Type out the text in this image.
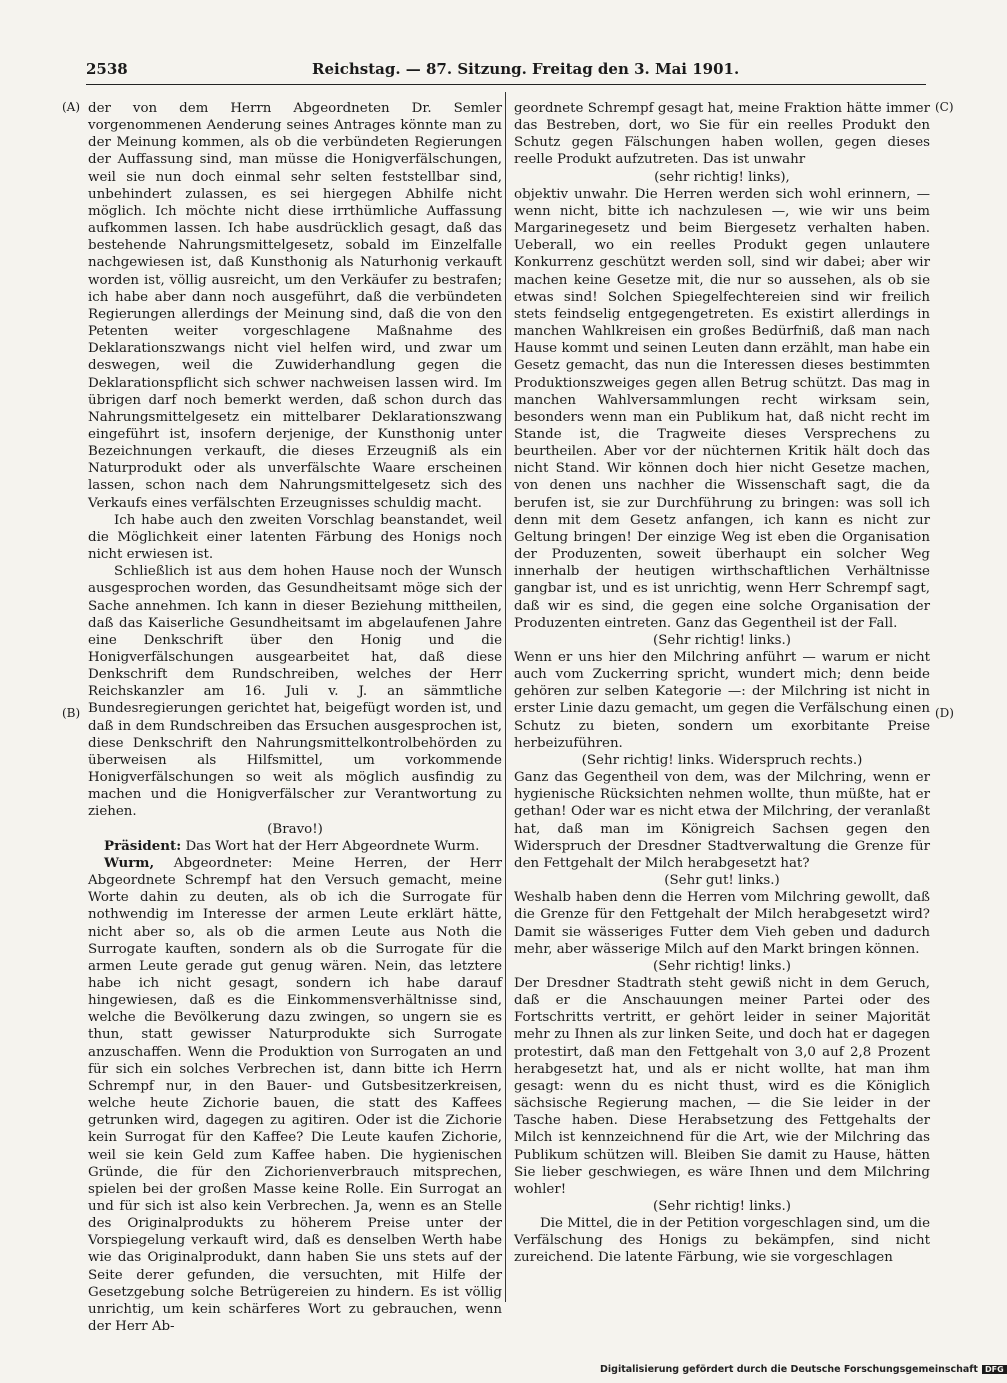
2538	Reichstag. — 87. Sitzung. Freitag den 3. Mai 1901.
(A)
(B)
(C)
(D)

der von dem Herrn Abgeordneten Dr. Semler vorgenommenen Aenderung seines Antrages könnte man zu der Meinung kommen, als ob die verbündeten Regierungen der Auffassung sind, man müsse die Honigverfälschungen, weil sie nun doch einmal sehr selten feststellbar sind, unbehindert zulassen, es sei hiergegen Abhilfe nicht möglich. Ich möchte nicht diese irrthümliche Auffassung aufkommen lassen. Ich habe ausdrücklich gesagt, daß das bestehende Nahrungsmittelgesetz, sobald im Einzelfalle nachgewiesen ist, daß Kunsthonig als Naturhonig verkauft worden ist, völlig ausreicht, um den Verkäufer zu bestrafen; ich habe aber dann noch ausgeführt, daß die verbündeten Regierungen allerdings der Meinung sind, daß die von den Petenten weiter vorgeschlagene Maßnahme des Deklarationszwangs nicht viel helfen wird, und zwar um deswegen, weil die Zuwiderhandlung gegen die Deklarationspflicht sich schwer nachweisen lassen wird. Im übrigen darf noch bemerkt werden, daß schon durch das Nahrungsmittelgesetz ein mittelbarer Deklarationszwang eingeführt ist, insofern derjenige, der Kunsthonig unter Bezeichnungen verkauft, die dieses Erzeugniß als ein Naturprodukt oder als unverfälschte Waare erscheinen lassen, schon nach dem Nahrungsmittelgesetz sich des Verkaufs eines verfälschten Erzeugnisses schuldig macht.

Ich habe auch den zweiten Vorschlag beanstandet, weil die Möglichkeit einer latenten Färbung des Honigs noch nicht erwiesen ist.

Schließlich ist aus dem hohen Hause noch der Wunsch ausgesprochen worden, das Gesundheitsamt möge sich der Sache annehmen. Ich kann in dieser Beziehung mittheilen, daß das Kaiserliche Gesundheitsamt im abgelaufenen Jahre eine Denkschrift über den Honig und die Honigverfälschungen ausgearbeitet hat, daß diese Denkschrift dem Rundschreiben, welches der Herr Reichskanzler am 16. Juli v. J. an sämmtliche Bundesregierungen gerichtet hat, beigefügt worden ist, und daß in dem Rundschreiben das Ersuchen ausgesprochen ist, diese Denkschrift den Nahrungsmittelkontrolbehörden zu überweisen als Hilfsmittel, um vorkommende Honigverfälschungen so weit als möglich ausfindig zu machen und die Honigverfälscher zur Verantwortung zu ziehen.

(Bravo!)

Präsident: Das Wort hat der Herr Abgeordnete Wurm.

Wurm, Abgeordneter: Meine Herren, der Herr Abgeordnete Schrempf hat den Versuch gemacht, meine Worte dahin zu deuten, als ob ich die Surrogate für nothwendig im Interesse der armen Leute erklärt hätte, nicht aber so, als ob die armen Leute aus Noth die Surrogate kauften, sondern als ob die Surrogate für die armen Leute gerade gut genug wären. Nein, das letztere habe ich nicht gesagt, sondern ich habe darauf hingewiesen, daß es die Einkommensverhältnisse sind, welche die Bevölkerung dazu zwingen, so ungern sie es thun, statt gewisser Naturprodukte sich Surrogate anzuschaffen. Wenn die Produktion von Surrogaten an und für sich ein solches Verbrechen ist, dann bitte ich Herrn Schrempf nur, in den Bauer- und Gutsbesitzerkreisen, welche heute Zichorie bauen, die statt des Kaffees getrunken wird, dagegen zu agitiren. Oder ist die Zichorie kein Surrogat für den Kaffee? Die Leute kaufen Zichorie, weil sie kein Geld zum Kaffee haben. Die hygienischen Gründe, die für den Zichorienverbrauch mitsprechen, spielen bei der großen Masse keine Rolle. Ein Surrogat an und für sich ist also kein Verbrechen. Ja, wenn es an Stelle des Originalprodukts zu höherem Preise unter der Vorspiegelung verkauft wird, daß es denselben Werth habe wie das Originalprodukt, dann haben Sie uns stets auf der Seite derer gefunden, die versuchten, mit Hilfe der Gesetzgebung solche Betrügereien zu hindern. Es ist völlig unrichtig, um kein schärferes Wort zu gebrauchen, wenn der Herr Ab-

geordnete Schrempf gesagt hat, meine Fraktion hätte immer das Bestreben, dort, wo Sie für ein reelles Produkt den Schutz gegen Fälschungen haben wollen, gegen dieses reelle Produkt aufzutreten. Das ist unwahr

(sehr richtig! links),

objektiv unwahr. Die Herren werden sich wohl erinnern, — wenn nicht, bitte ich nachzulesen —, wie wir uns beim Margarinegesetz und beim Biergesetz verhalten haben. Ueberall, wo ein reelles Produkt gegen unlautere Konkurrenz geschützt werden soll, sind wir dabei; aber wir machen keine Gesetze mit, die nur so aussehen, als ob sie etwas sind! Solchen Spiegelfechtereien sind wir freilich stets feindselig entgegengetreten. Es existirt allerdings in manchen Wahlkreisen ein großes Bedürfniß, daß man nach Hause kommt und seinen Leuten dann erzählt, man habe ein Gesetz gemacht, das nun die Interessen dieses bestimmten Produktionszweiges gegen allen Betrug schützt. Das mag in manchen Wahlversammlungen recht wirksam sein, besonders wenn man ein Publikum hat, daß nicht recht im Stande ist, die Tragweite dieses Versprechens zu beurtheilen. Aber vor der nüchternen Kritik hält doch das nicht Stand. Wir können doch hier nicht Gesetze machen, von denen uns nachher die Wissenschaft sagt, die da berufen ist, sie zur Durchführung zu bringen: was soll ich denn mit dem Gesetz anfangen, ich kann es nicht zur Geltung bringen! Der einzige Weg ist eben die Organisation der Produzenten, soweit überhaupt ein solcher Weg innerhalb der heutigen wirthschaftlichen Verhältnisse gangbar ist, und es ist unrichtig, wenn Herr Schrempf sagt, daß wir es sind, die gegen eine solche Organisation der Produzenten eintreten. Ganz das Gegentheil ist der Fall.

(Sehr richtig! links.)

Wenn er uns hier den Milchring anführt — warum er nicht auch vom Zuckerring spricht, wundert mich; denn beide gehören zur selben Kategorie —: der Milchring ist nicht in erster Linie dazu gemacht, um gegen die Verfälschung einen Schutz zu bieten, sondern um exorbitante Preise herbeizuführen.

(Sehr richtig! links. Widerspruch rechts.)

Ganz das Gegentheil von dem, was der Milchring, wenn er hygienische Rücksichten nehmen wollte, thun müßte, hat er gethan! Oder war es nicht etwa der Milchring, der veranlaßt hat, daß man im Königreich Sachsen gegen den Widerspruch der Dresdner Stadtverwaltung die Grenze für den Fettgehalt der Milch herabgesetzt hat?

(Sehr gut! links.)

Weshalb haben denn die Herren vom Milchring gewollt, daß die Grenze für den Fettgehalt der Milch herabgesetzt wird? Damit sie wässeriges Futter dem Vieh geben und dadurch mehr, aber wässerige Milch auf den Markt bringen können.

(Sehr richtig! links.)

Der Dresdner Stadtrath steht gewiß nicht in dem Geruch, daß er die Anschauungen meiner Partei oder des Fortschritts vertritt, er gehört leider in seiner Majorität mehr zu Ihnen als zur linken Seite, und doch hat er dagegen protestirt, daß man den Fettgehalt von 3,0 auf 2,8 Prozent herabgesetzt hat, und als er nicht wollte, hat man ihm gesagt: wenn du es nicht thust, wird es die Königlich sächsische Regierung machen, — die Sie leider in der Tasche haben. Diese Herabsetzung des Fettgehalts der Milch ist kennzeichnend für die Art, wie der Milchring das Publikum schützen will. Bleiben Sie damit zu Hause, hätten Sie lieber geschwiegen, es wäre Ihnen und dem Milchring wohler!

(Sehr richtig! links.)

Die Mittel, die in der Petition vorgeschlagen sind, um die Verfälschung des Honigs zu bekämpfen, sind nicht zureichend. Die latente Färbung, wie sie vorgeschlagen

Digitalisierung gefördert durch die Deutsche Forschungsgemeinschaft DFG
